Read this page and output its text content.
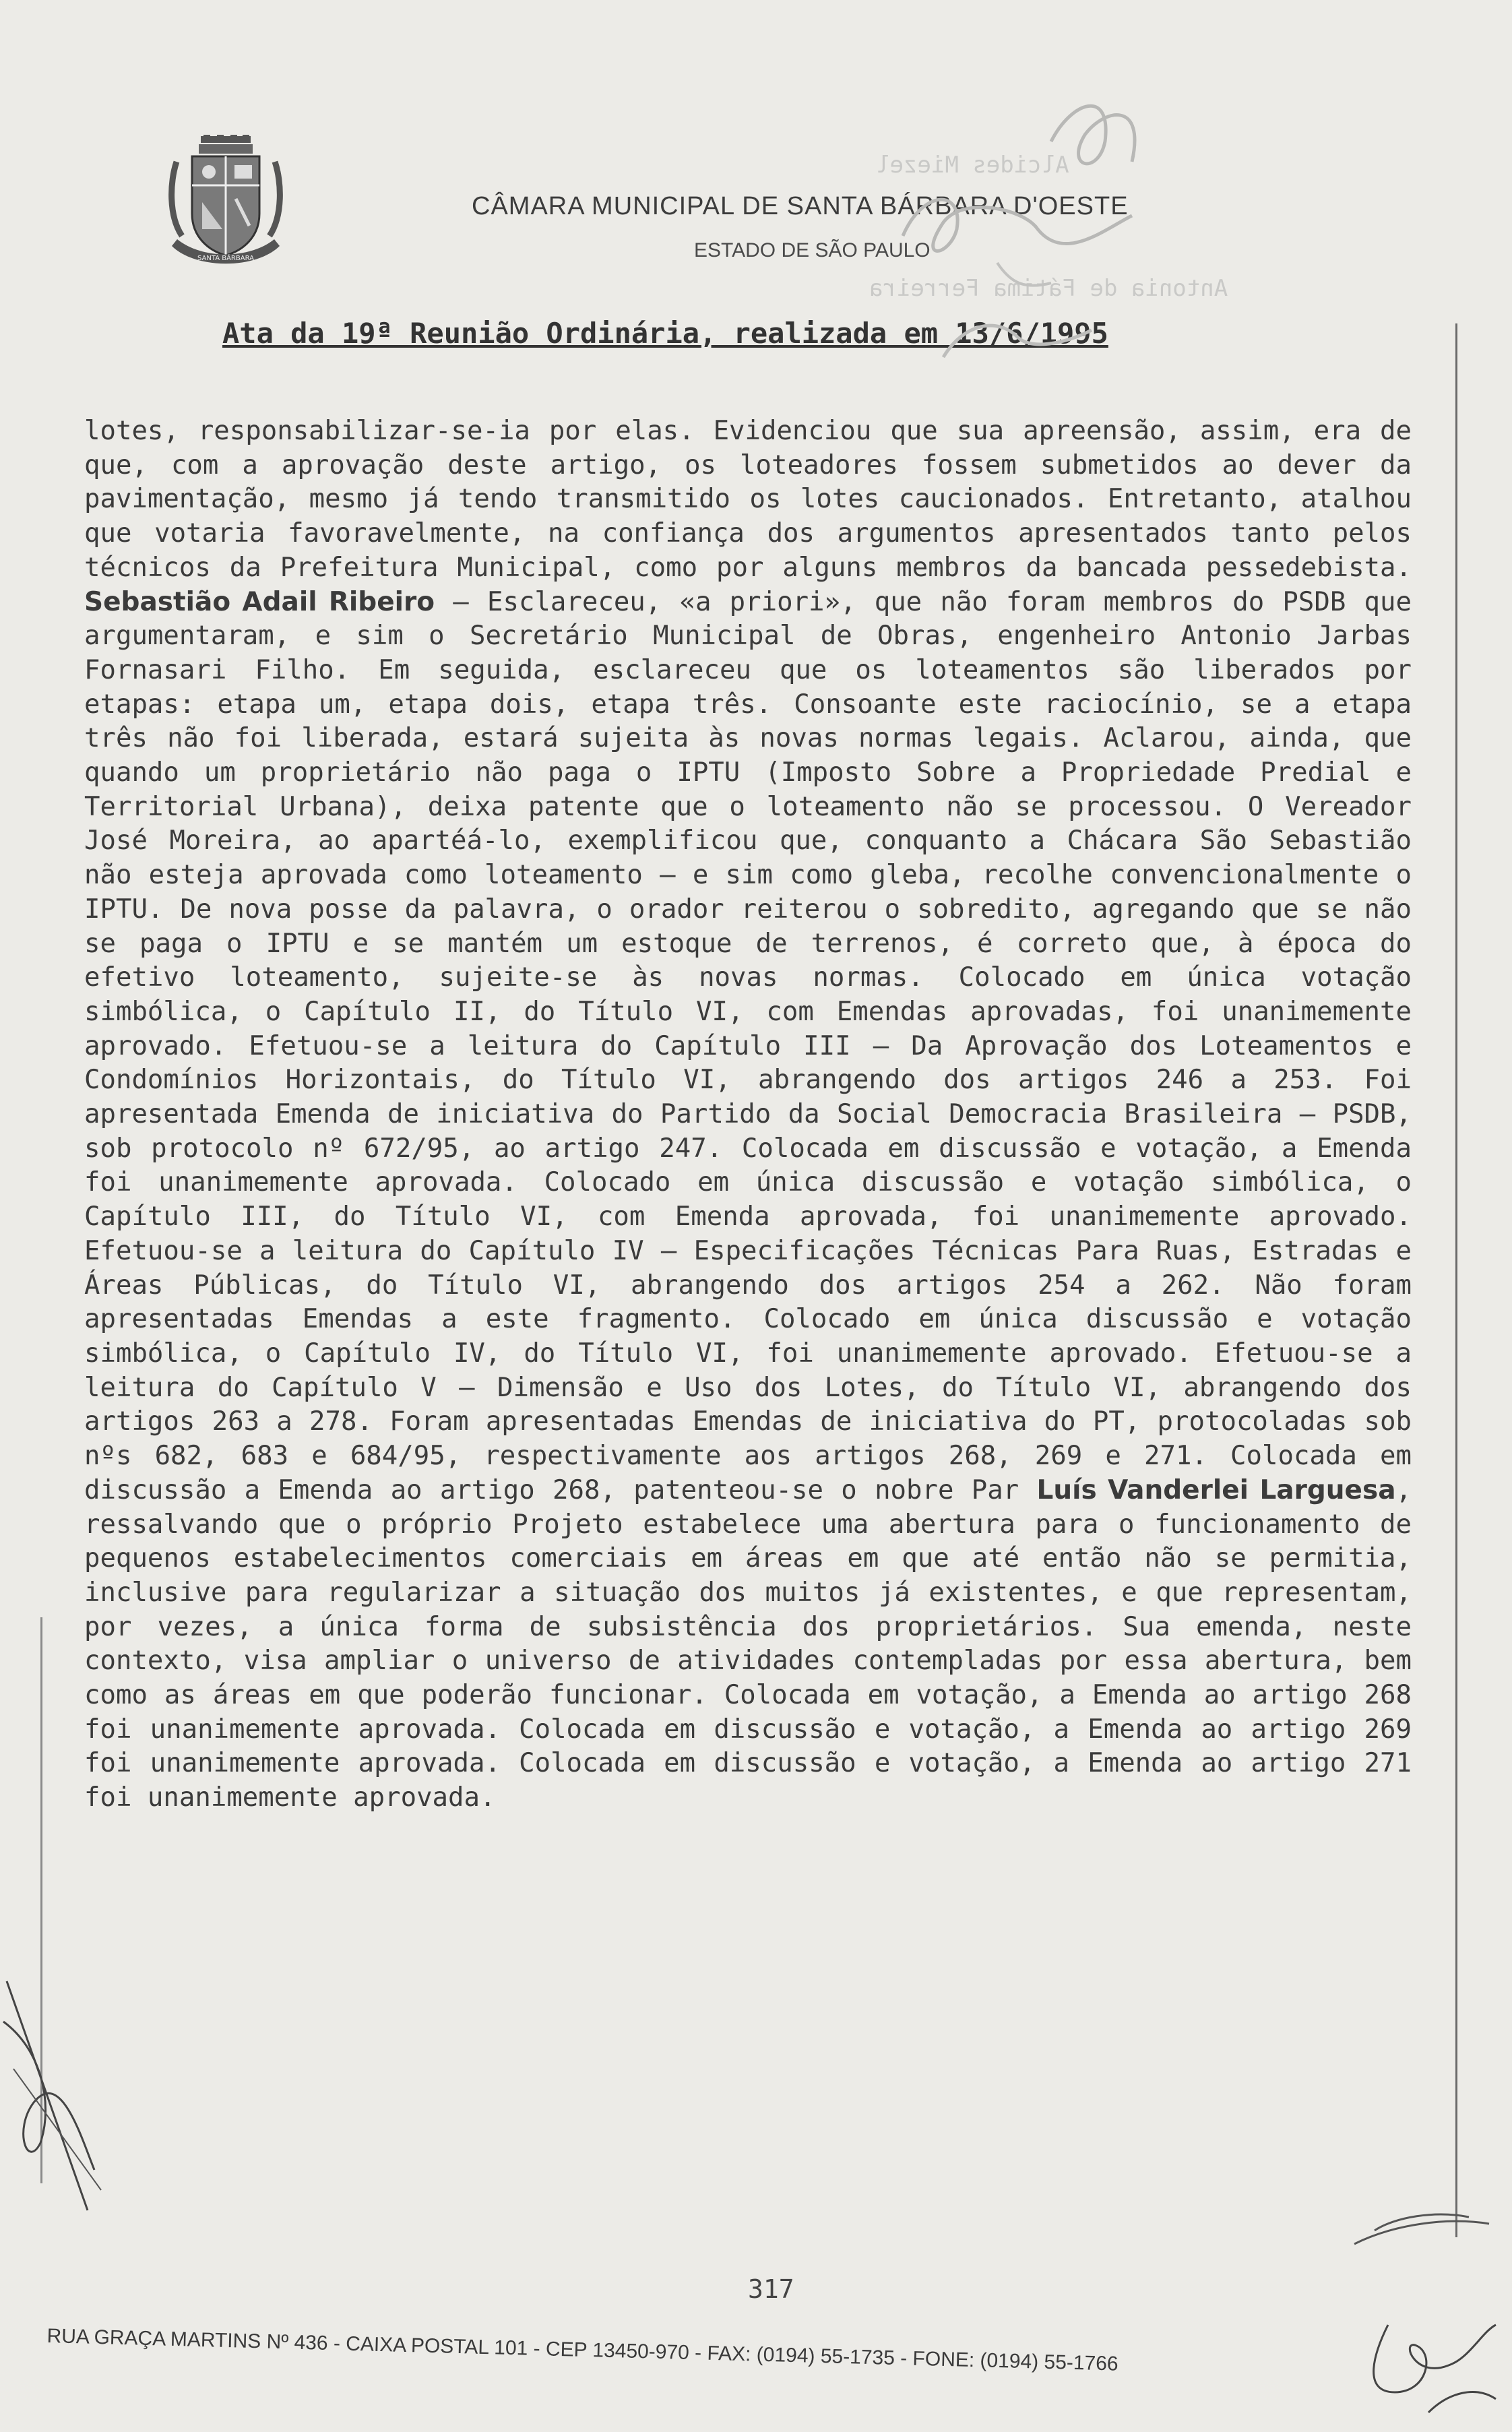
SANTA BÁRBARA
CÂMARA MUNICIPAL DE SANTA BÁRBARA D'OESTE
ESTADO DE SÃO PAULO
Ata da 19ª Reunião Ordinária, realizada em 13/6/1995
Alcides Miezel
Antonia de Fátima Ferreira
lotes, responsabilizar-se-ia por elas. Evidenciou que sua apreensão, assim, era de que, com a aprovação deste artigo, os loteadores fossem submetidos ao dever da pavimentação, mesmo já tendo transmitido os lotes caucionados. Entretanto, atalhou que votaria favoravelmente, na confiança dos argumentos apresentados tanto pelos técnicos da Prefeitura Municipal, como por alguns membros da bancada pessedebista. Sebastião Adail Ribeiro – Esclareceu, «a priori», que não foram membros do PSDB que argumentaram, e sim o Secretário Municipal de Obras, engenheiro Antonio Jarbas Fornasari Filho. Em seguida, esclareceu que os loteamentos são liberados por etapas: etapa um, etapa dois, etapa três. Consoante este raciocínio, se a etapa três não foi liberada, estará sujeita às novas normas legais. Aclarou, ainda, que quando um proprietário não paga o IPTU (Imposto Sobre a Propriedade Predial e Territorial Urbana), deixa patente que o loteamento não se processou. O Vereador José Moreira, ao apartéá-lo, exemplificou que, conquanto a Chácara São Sebastião não esteja aprovada como loteamento – e sim como gleba, recolhe convencionalmente o IPTU. De nova posse da palavra, o orador reiterou o sobredito, agregando que se não se paga o IPTU e se mantém um estoque de terrenos, é correto que, à época do efetivo loteamento, sujeite-se às novas normas. Colocado em única votação simbólica, o Capítulo II, do Título VI, com Emendas aprovadas, foi unanimemente aprovado. Efetuou-se a leitura do Capítulo III – Da Aprovação dos Loteamentos e Condomínios Horizontais, do Título VI, abrangendo dos artigos 246 a 253. Foi apresentada Emenda de iniciativa do Partido da Social Democracia Brasileira – PSDB, sob protocolo nº 672/95, ao artigo 247. Colocada em discussão e votação, a Emenda foi unanimemente aprovada. Colocado em única discussão e votação simbólica, o Capítulo III, do Título VI, com Emenda aprovada, foi unanimemente aprovado. Efetuou-se a leitura do Capítulo IV – Especificações Técnicas Para Ruas, Estradas e Áreas Públicas, do Título VI, abrangendo dos artigos 254 a 262. Não foram apresentadas Emendas a este fragmento. Colocado em única discussão e votação simbólica, o Capítulo IV, do Título VI, foi unanimemente aprovado. Efetuou-se a leitura do Capítulo V – Dimensão e Uso dos Lotes, do Título VI, abrangendo dos artigos 263 a 278. Foram apresentadas Emendas de iniciativa do PT, protocoladas sob nºs 682, 683 e 684/95, respectivamente aos artigos 268, 269 e 271. Colocada em discussão a Emenda ao artigo 268, patenteou-se o nobre Par Luís Vanderlei Larguesa, ressalvando que o próprio Projeto estabelece uma abertura para o funcionamento de pequenos estabelecimentos comerciais em áreas em que até então não se permitia, inclusive para regularizar a situação dos muitos já existentes, e que representam, por vezes, a única forma de subsistência dos proprietários. Sua emenda, neste contexto, visa ampliar o universo de atividades contempladas por essa abertura, bem como as áreas em que poderão funcionar. Colocada em votação, a Emenda ao artigo 268 foi unanimemente aprovada. Colocada em discussão e votação, a Emenda ao artigo 269 foi unanimemente aprovada. Colocada em discussão e votação, a Emenda ao artigo 271 foi unanimemente aprovada.
317
RUA GRAÇA MARTINS Nº 436 - CAIXA POSTAL 101 - CEP 13450-970 - FAX: (0194) 55-1735 - FONE: (0194) 55-1766
